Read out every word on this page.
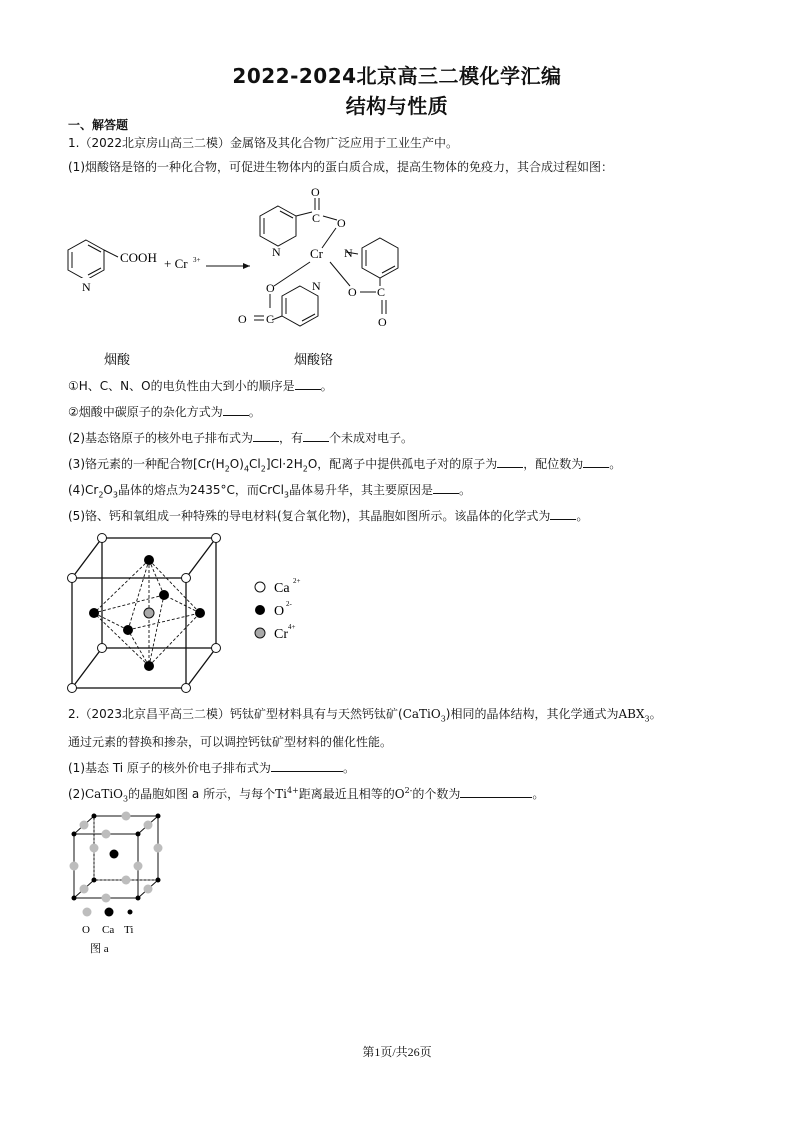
2022-2024北京高三二模化学汇编
结构与性质
一、解答题
1.（2022北京房山高三二模）金属铬及其化合物广泛应用于工业生产中。
(1)烟酸铬是铬的一种化合物，可促进生物体内的蛋白质合成，提高生物体的免疫力，其合成过程如图：
COOH
N
+ Cr 3+
O
C O
Cr
N	N
O C
O
N
O
C
O
烟酸	烟酸铬
①H、C、N、O的电负性由大到小的顺序是 。
②烟酸中碳原子的杂化方式为 。
(2)基态铬原子的核外电子排布式为 ，有 个未成对电子。
(3)铬元素的一种配合物$[Cr(H_2O)_4Cl_2]Cl\cdot 2H_2O$，配离子中提供孤电子对的原子为 ，配位数为 。
$(4)Cr_2O_3$晶体的熔点为2435°C，而CrCl$_3$晶体易升华，其主要原因是 。
(5)铬、钙和氧组成一种特殊的导电材料(复合氧化物)，其晶胞如图所示。该晶体的化学式为 。
Ca 2+
O 2-
Cr 4+
2.（2023北京昌平高三二模）钙钛矿型材料具有与天然钙钛矿(CaTiO$_3$)相同的晶体结构，其化学通式为$ABX_3$。
通过元素的替换和掺杂，可以调控钙钛矿型材料的催化性能。
(1)基态 Ti 原子的核外价电子排布式为	。
(2)CaTiO$_3$的晶胞如图 a 所示，与每个$Ti^{4+}$距离最近且相等的$O^{2-}$的个数为	。
O Ca Ti
图 a
第1页/共26页
